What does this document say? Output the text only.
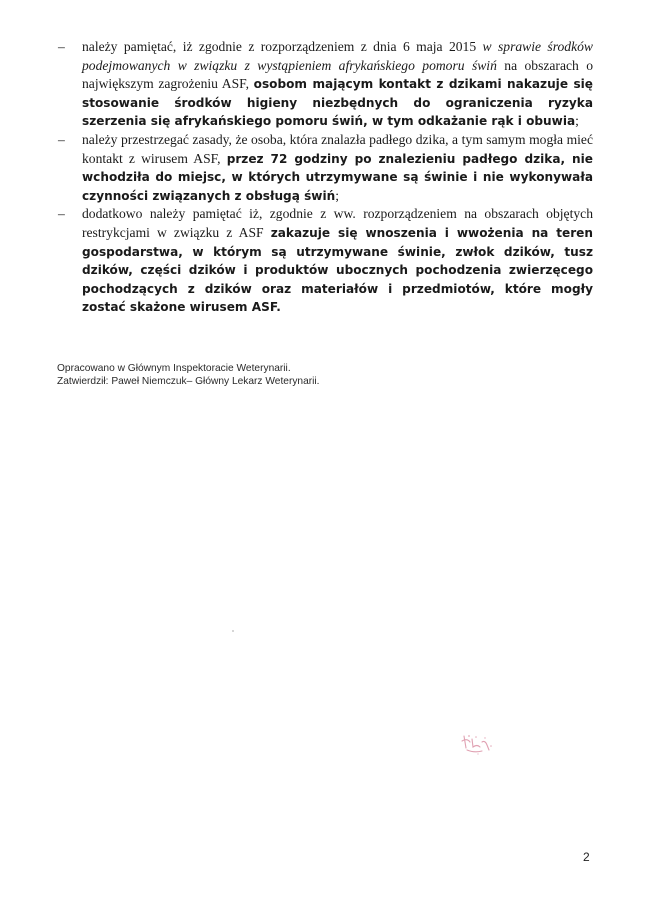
– należy pamiętać, iż zgodnie z rozporządzeniem z dnia 6 maja 2015 w sprawie środków podejmowanych w związku z wystąpieniem afrykańskiego pomoru świń na obszarach o największym zagrożeniu ASF, osobom mającym kontakt z dzikami nakazuje się stosowanie środków higieny niezbędnych do ograniczenia ryzyka szerzenia się afrykańskiego pomoru świń, w tym odkażanie rąk i obuwia;
– należy przestrzegać zasady, że osoba, która znalazła padłego dzika, a tym samym mogła mieć kontakt z wirusem ASF, przez 72 godziny po znalezieniu padłego dzika, nie wchodziła do miejsc, w których utrzymywane są świnie i nie wykonywała czynności związanych z obsługą świń;
– dodatkowo należy pamiętać iż, zgodnie z ww. rozporządzeniem na obszarach objętych restrykcjami w związku z ASF zakazuje się wnoszenia i wwożenia na teren gospodarstwa, w którym są utrzymywane świnie, zwłok dzików, tusz dzików, części dzików i produktów ubocznych pochodzenia zwierzęcego pochodzących z dzików oraz materiałów i przedmiotów, które mogły zostać skażone wirusem ASF.
Opracowano w Głównym Inspektoracie Weterynarii.
Zatwierdził: Paweł Niemczuk– Główny Lekarz Weterynarii.
2
